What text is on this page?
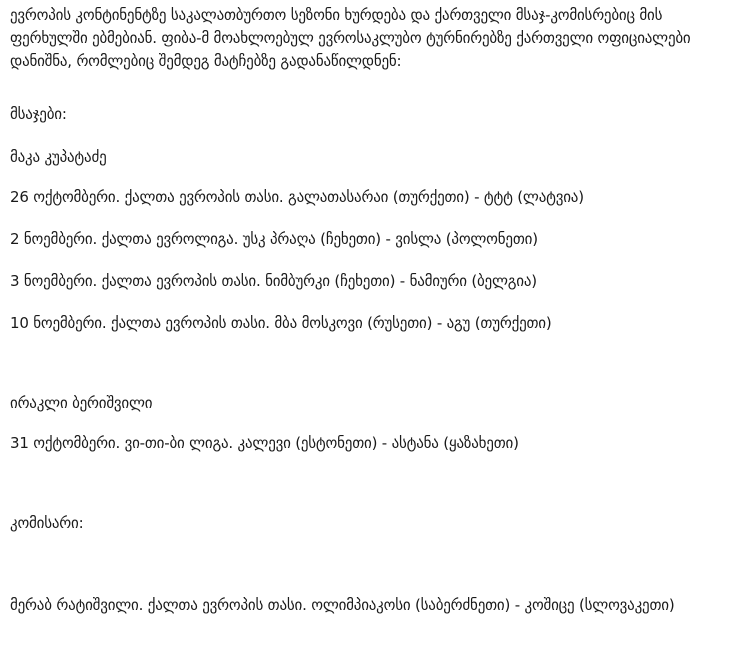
ევროპის კონტინენტზე საკალათბურთო სეზონი ხურდება და ქართველი მსაჯ-კომისრებიც მის ფერხულში ებმებიან. ფიბა-მ მოახლოებულ ევროსაკლუბო ტურნირებზე ქართველი ოფიციალები დანიშნა, რომლებიც შემდეგ მატჩებზე გადანაწილდნენ:

მსაჯები:
მაკა კუპატაძე
26 ოქტომბერი. ქალთა ევროპის თასი. გალათასარაი (თურქეთი) - ტტტ (ლატვია)
2 ნოემბერი. ქალთა ევროლიგა. უსკ პრაღა (ჩეხეთი) - ვისლა (პოლონეთი)
3 ნოემბერი. ქალთა ევროპის თასი. ნიმბურკი (ჩეხეთი) - ნამიური (ბელგია)
10 ნოემბერი. ქალთა ევროპის თასი. მბა მოსკოვი (რუსეთი) - აგუ (თურქეთი)
ირაკლი ბერიშვილი
31 ოქტომბერი. ვი-თი-ბი ლიგა. კალევი (ესტონეთი) - ასტანა (ყაზახეთი)
კომისარი:
მერაბ რატიშვილი. ქალთა ევროპის თასი. ოლიმპიაკოსი (საბერძნეთი) - კოშიცე (სლოვაკეთი)
